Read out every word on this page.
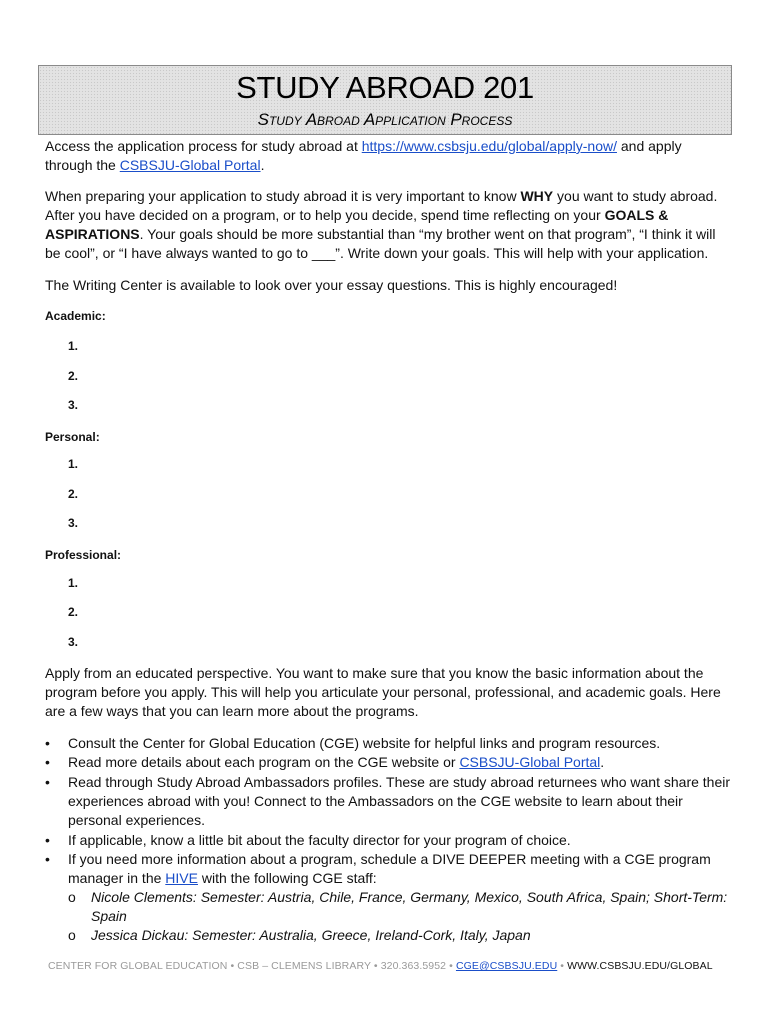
STUDY ABROAD 201
Study Abroad Application Process
Access the application process for study abroad at https://www.csbsju.edu/global/apply-now/ and apply
through the CSBSJU-Global Portal.
When preparing your application to study abroad it is very important to know WHY you want to study abroad.
After you have decided on a program, or to help you decide, spend time reflecting on your GOALS &
ASPIRATIONS. Your goals should be more substantial than “my brother went on that program”, “I think it will
be cool”, or “I have always wanted to go to ___”. Write down your goals. This will help with your application.
The Writing Center is available to look over your essay questions. This is highly encouraged!
Academic:
1.
2.
3.
Personal:
1.
2.
3.
Professional:
1.
2.
3.
Apply from an educated perspective. You want to make sure that you know the basic information about the
program before you apply. This will help you articulate your personal, professional, and academic goals. Here
are a few ways that you can learn more about the programs.
• Consult the Center for Global Education (CGE) website for helpful links and program resources.
• Read more details about each program on the CGE website or CSBSJU-Global Portal.
• Read through Study Abroad Ambassadors profiles. These are study abroad returnees who want share their
experiences abroad with you! Connect to the Ambassadors on the CGE website to learn about their
personal experiences.
• If applicable, know a little bit about the faculty director for your program of choice.
• If you need more information about a program, schedule a DIVE DEEPER meeting with a CGE program
manager in the HIVE with the following CGE staff:
o Nicole Clements: Semester: Austria, Chile, France, Germany, Mexico, South Africa, Spain; Short-Term:
Spain
o Jessica Dickau: Semester: Australia, Greece, Ireland-Cork, Italy, Japan
CENTER FOR GLOBAL EDUCATION • CSB – CLEMENS LIBRARY • 320.363.5952 • CGE@CSBSJU.EDU • WWW.CSBSJU.EDU/GLOBAL
